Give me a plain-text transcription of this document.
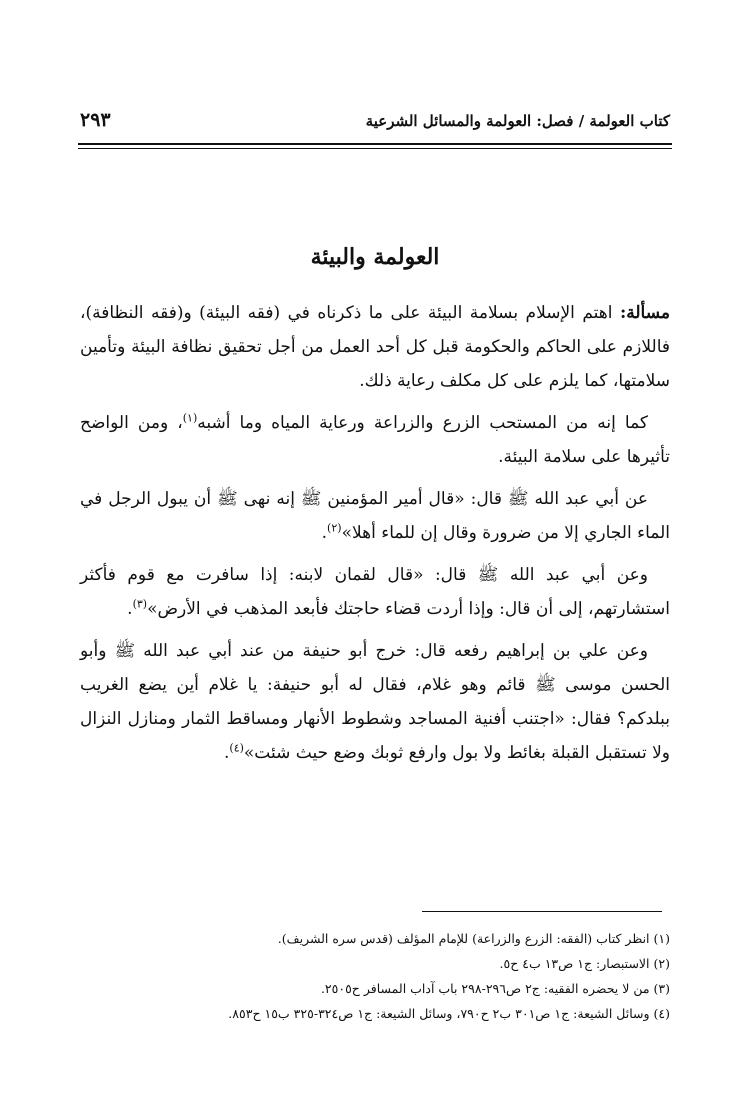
كتاب العولمة / فصل: العولمة والمسائل الشرعية
٢٩٣
العولمة والبيئة

مسألة: اهتم الإسلام بسلامة البيئة على ما ذكرناه في (فقه البيئة) و(فقه النظافة)، فاللازم على الحاكم والحكومة قبل كل أحد العمل من أجل تحقيق نظافة البيئة وتأمين سلامتها، كما يلزم على كل مكلف رعاية ذلك.

كما إنه من المستحب الزرع والزراعة ورعاية المياه وما أشبه$^{(١)}$، ومن الواضح تأثيرها على سلامة البيئة.

عن أبي عبد الله ﷺ قال: «قال أمير المؤمنين ﷺ إنه نهى ﷺ أن يبول الرجل في الماء الجاري إلا من ضرورة وقال إن للماء أهلا»$^{(٢)}$.

وعن أبي عبد الله ﷺ قال: «قال لقمان لابنه: إذا سافرت مع قوم فأكثر استشارتهم، إلى أن قال: وإذا أردت قضاء حاجتك فأبعد المذهب في الأرض»$^{(٣)}$.

وعن علي بن إبراهيم رفعه قال: خرج أبو حنيفة من عند أبي عبد الله ﷺ وأبو الحسن موسى ﷺ قائم وهو غلام، فقال له أبو حنيفة: يا غلام أين يضع الغريب ببلدكم؟ فقال: «اجتنب أفنية المساجد وشطوط الأنهار ومساقط الثمار ومنازل النزال ولا تستقبل القبلة بغائط ولا بول وارفع ثوبك وضع حيث شئت»$^{(٤)}$.

(١) انظر كتاب (الفقه: الزرع والزراعة) للإمام المؤلف (قدس سره الشريف).
(٢) الاستبصار: ج١ ص١٣ ب٤ ح٥.
(٣) من لا يحضره الفقيه: ج٢ ص٢٩٦-٢٩٨ باب آداب المسافر ح٢٥٠٥.
(٤) وسائل الشيعة: ج١ ص٣٠١ ب٢ ح٧٩٠، وسائل الشيعة: ج١ ص٣٢٤-٣٢٥ ب١٥ ح٨٥٣.
